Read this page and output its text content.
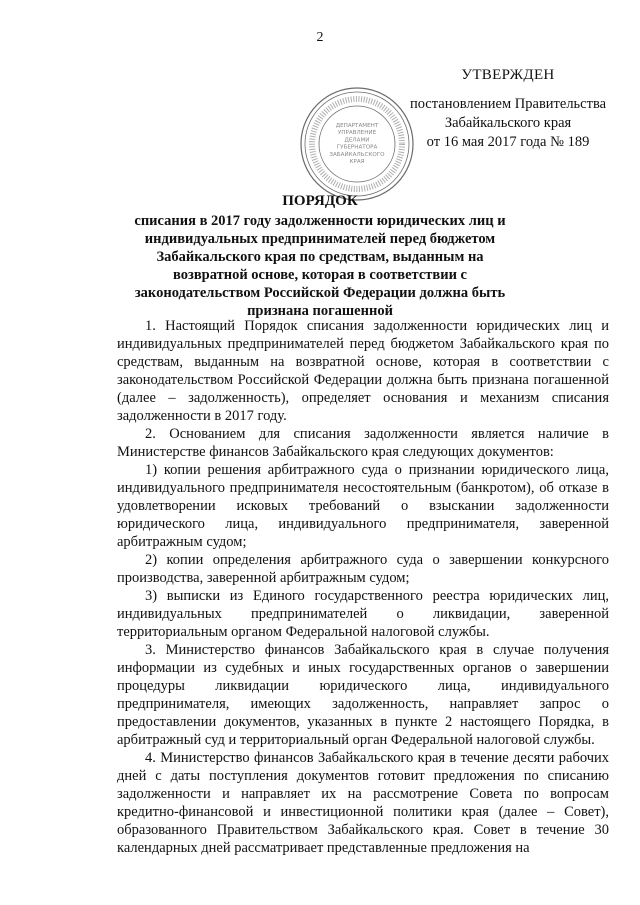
2
ДЕПАРТАМЕНТ
УПРАВЛЕНИЕ
ДЕЛАМИ
ГУБЕРНАТОРА
ЗАБАЙКАЛЬСКОГО
КРАЯ
УТВЕРЖДЕН
постановлением Правительства
Забайкальского края
от 16 мая 2017 года № 189
ПОРЯДОК
списания в 2017 году задолженности юридических лиц и индивидуальных предпринимателей перед бюджетом Забайкальского края по средствам, выданным на возвратной основе, которая в соответствии с законодательством Российской Федерации должна быть признана погашенной

1. Настоящий Порядок списания задолженности юридических лиц и индивидуальных предпринимателей перед бюджетом Забайкальского края по средствам, выданным на возвратной основе, которая в соответствии с законодательством Российской Федерации должна быть признана погашенной (далее – задолженность), определяет основания и механизм списания задолженности в 2017 году.

2. Основанием для списания задолженности является наличие в Министерстве финансов Забайкальского края следующих документов:

1) копии решения арбитражного суда о признании юридического лица, индивидуального предпринимателя несостоятельным (банкротом), об отказе в удовлетворении исковых требований о взыскании задолженности юридического лица, индивидуального предпринимателя, заверенной арбитражным судом;

2) копии определения арбитражного суда о завершении конкурсного производства, заверенной арбитражным судом;

3) выписки из Единого государственного реестра юридических лиц, индивидуальных предпринимателей о ликвидации, заверенной территориальным органом Федеральной налоговой службы.

3. Министерство финансов Забайкальского края в случае получения информации из судебных и иных государственных органов о завершении процедуры ликвидации юридического лица, индивидуального предпринимателя, имеющих задолженность, направляет запрос о предоставлении документов, указанных в пункте 2 настоящего Порядка, в арбитражный суд и территориальный орган Федеральной налоговой службы.

4. Министерство финансов Забайкальского края в течение десяти рабочих дней с даты поступления документов готовит предложения по списанию задолженности и направляет их на рассмотрение Совета по вопросам кредитно-финансовой и инвестиционной политики края (далее – Совет), образованного Правительством Забайкальского края. Совет в течение 30 календарных дней рассматривает представленные предложения на
